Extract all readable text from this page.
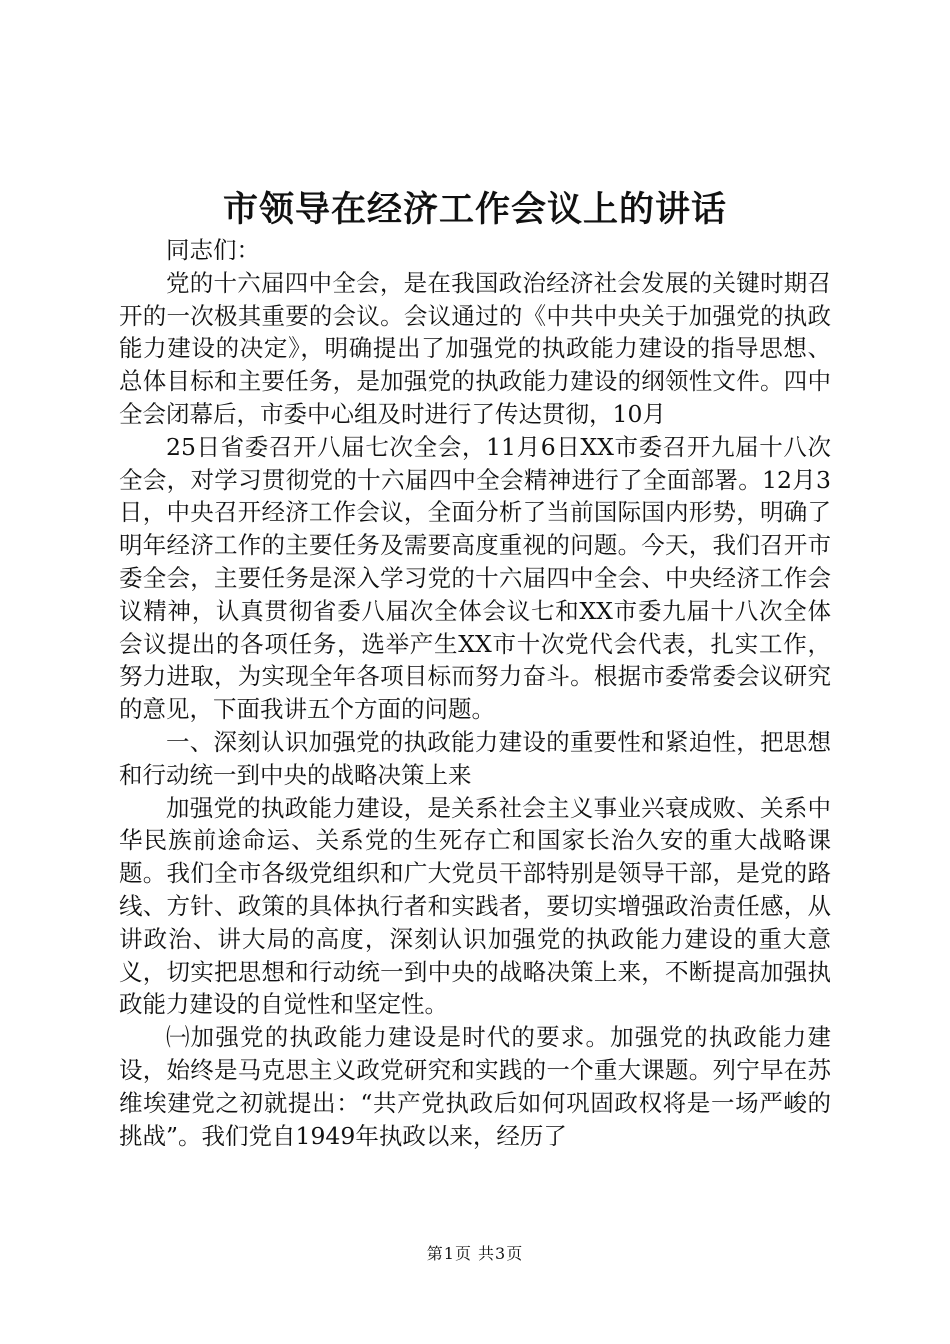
市领导在经济工作会议上的讲话

同志们：

党的十六届四中全会，是在我国政治经济社会发展的关键时期召开的一次极其重要的会议。会议通过的《中共中央关于加强党的执政能力建设的决定》，明确提出了加强党的执政能力建设的指导思想、总体目标和主要任务，是加强党的执政能力建设的纲领性文件。四中全会闭幕后，市委中心组及时进行了传达贯彻，10月

25日省委召开八届七次全会，11月6日XX市委召开九届十八次全会，对学习贯彻党的十六届四中全会精神进行了全面部署。12月3日，中央召开经济工作会议，全面分析了当前国际国内形势，明确了明年经济工作的主要任务及需要高度重视的问题。今天，我们召开市委全会，主要任务是深入学习党的十六届四中全会、中央经济工作会议精神，认真贯彻省委八届次全体会议七和XX市委九届十八次全体会议提出的各项任务，选举产生XX市十次党代会代表，扎实工作，努力进取，为实现全年各项目标而努力奋斗。根据市委常委会议研究的意见，下面我讲五个方面的问题。

一、深刻认识加强党的执政能力建设的重要性和紧迫性，把思想和行动统一到中央的战略决策上来

加强党的执政能力建设，是关系社会主义事业兴衰成败、关系中华民族前途命运、关系党的生死存亡和国家长治久安的重大战略课题。我们全市各级党组织和广大党员干部特别是领导干部，是党的路线、方针、政策的具体执行者和实践者，要切实增强政治责任感，从讲政治、讲大局的高度，深刻认识加强党的执政能力建设的重大意义，切实把思想和行动统一到中央的战略决策上来，不断提高加强执政能力建设的自觉性和坚定性。

㈠加强党的执政能力建设是时代的要求。加强党的执政能力建设，始终是马克思主义政党研究和实践的一个重大课题。列宁早在苏维埃建党之初就提出：“共产党执政后如何巩固政权将是一场严峻的挑战”。我们党自1949年执政以来，经历了

第1页 共3页
